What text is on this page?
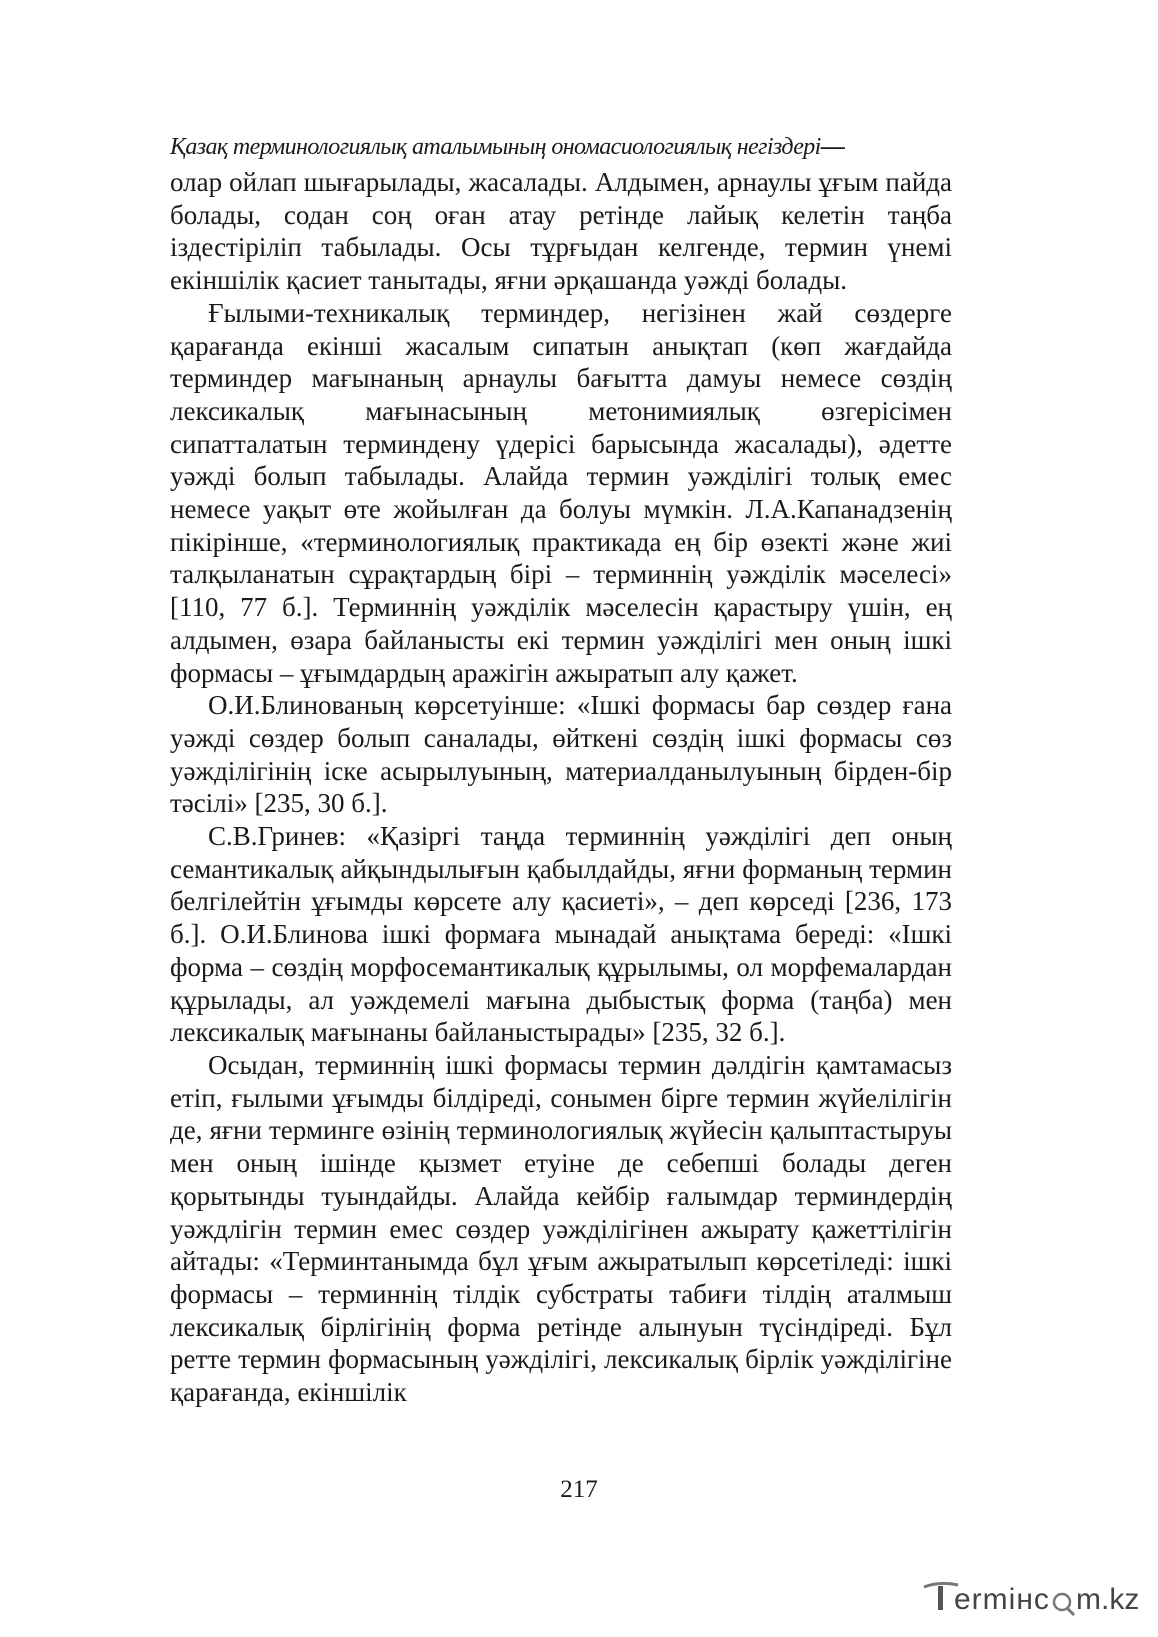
Қазақ терминологиялық аталымының ономасиологиялық негіздері—

олар ойлап шығарылады, жасалады. Алдымен, арнаулы ұғым пайда болады, содан соң оған атау ретінде лайық келетін таңба іздестіріліп табылады. Осы тұрғыдан келгенде, термин үнемі екіншілік қасиет танытады, яғни әрқашанда уәжді болады.

Ғылыми-техникалық терминдер, негізінен жай сөздерге қарағанда екінші жасалым сипатын анықтап (көп жағдайда терминдер мағынаның арнаулы бағытта дамуы немесе сөздің лексикалық мағынасының метонимиялық өзгерісімен сипатталатын терминдену үдерісі барысында жасалады), әдетте уәжді болып табылады. Алайда термин уәжділігі толық емес немесе уақыт өте жойылған да болуы мүмкін. Л.А.Капанадзенің пікірінше, «терминологиялық практикада ең бір өзекті және жиі талқыланатын сұрақтардың бірі – терминнің уәжділік мәселесі» [110, 77 б.]. Терминнің уәжділік мәселесін қарастыру үшін, ең алдымен, өзара байланысты екі термин уәжділігі мен оның ішкі формасы – ұғымдардың аражігін ажыратып алу қажет.

О.И.Блинованың көрсетуінше: «Ішкі формасы бар сөздер ғана уәжді сөздер болып саналады, өйткені сөздің ішкі формасы сөз уәжділігінің іске асырылуының, материалданылуының бірден-бір тәсілі» [235, 30 б.].

С.В.Гринев: «Қазіргі таңда терминнің уәжділігі деп оның семантикалық айқындылығын қабылдайды, яғни форманың термин белгілейтін ұғымды көрсете алу қасиеті», – деп көрседі [236, 173 б.]. О.И.Блинова ішкі формаға мынадай анықтама береді: «Ішкі форма – сөздің морфосемантикалық құрылымы, ол морфемалардан құрылады, ал уәждемелі мағына дыбыстық форма (таңба) мен лексикалық мағынаны байланыстырады» [235, 32 б.].

Осыдан, терминнің ішкі формасы термин дәлдігін қамтамасыз етіп, ғылыми ұғымды білдіреді, сонымен бірге термин жүйелілігін де, яғни терминге өзінің терминологиялық жүйесін қалыптастыруы мен оның ішінде қызмет етуіне де себепші болады деген қорытынды туындайды. Алайда кейбір ғалымдар терминдердің уәждлігін термин емес сөздер уәжділігінен ажырату қажеттілігін айтады: «Терминтанымда бұл ұғым ажыратылып көрсетіледі: ішкі формасы – терминнің тілдік субстраты табиғи тілдің аталмыш лексикалық бірлігінің форма ретінде алынуын түсіндіреді. Бұл ретте термин формасының уәжділігі, лексикалық бірлік уәжділігіне қарағанда, екіншілік

217
ermінc m.kz
